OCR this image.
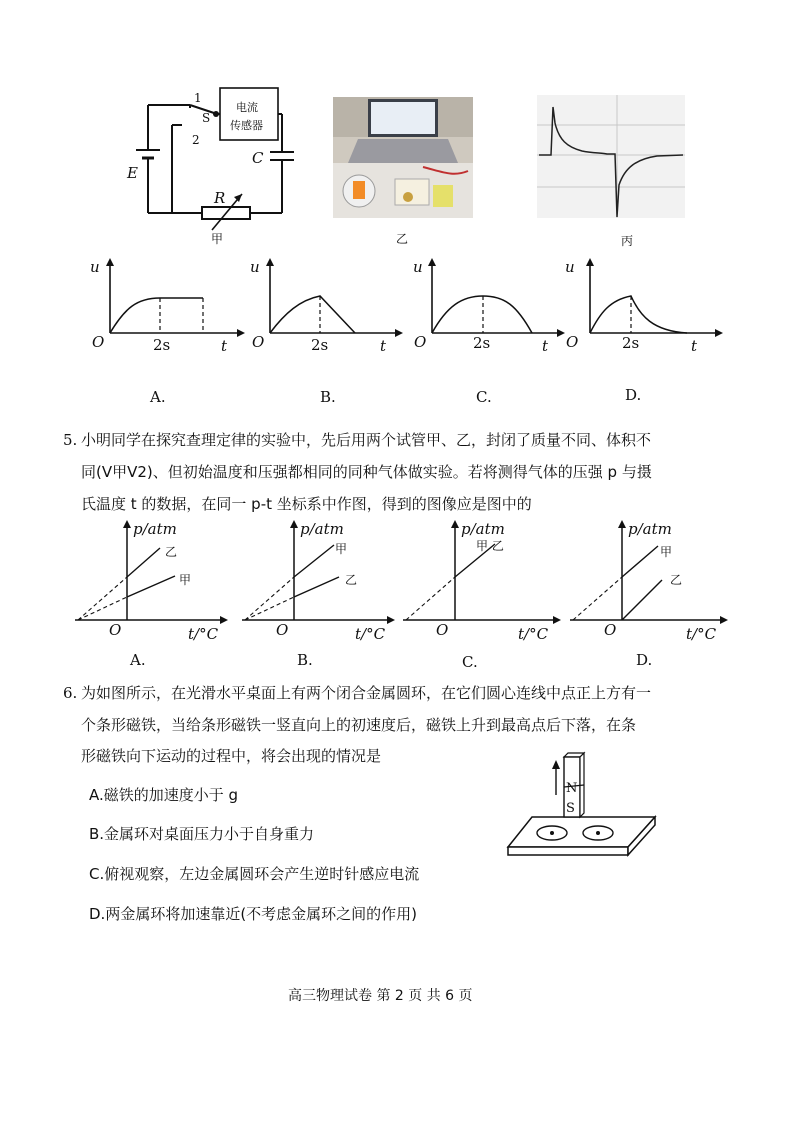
1
S
2
电流
传感器
E
C
R
甲	乙	丙
u
O	2s	t
A.
u
O	2s	t
B.
u
O	2s	t
C.
u
O	2s	t
D.
5. 小明同学在探究查理定律的实验中，先后用两个试管甲、乙，封闭了质量不同、体积不
同(V甲V2)、但初始温度和压强都相同的同种气体做实验。若将测得气体的压强 p 与摄
氏温度 t 的数据，在同一 p-t 坐标系中作图，得到的图像应是图中的
p/atm
乙
甲
O	t/°C
A.
p/atm
甲
乙
O	t/°C
B.
p/atm
甲 乙
O	t/°C
C.
p/atm
甲
乙
O	t/°C
D.
6. 为如图所示，在光滑水平桌面上有两个闭合金属圆环，在它们圆心连线中点正上方有一
个条形磁铁，当给条形磁铁一竖直向上的初速度后，磁铁上升到最高点后下落，在条
形磁铁向下运动的过程中，将会出现的情况是
A.磁铁的加速度小于 g
B.金属环对桌面压力小于自身重力
C.俯视观察，左边金属圆环会产生逆时针感应电流
D.两金属环将加速靠近(不考虑金属环之间的作用)
N
S
高三物理试卷 第 2 页 共 6 页
